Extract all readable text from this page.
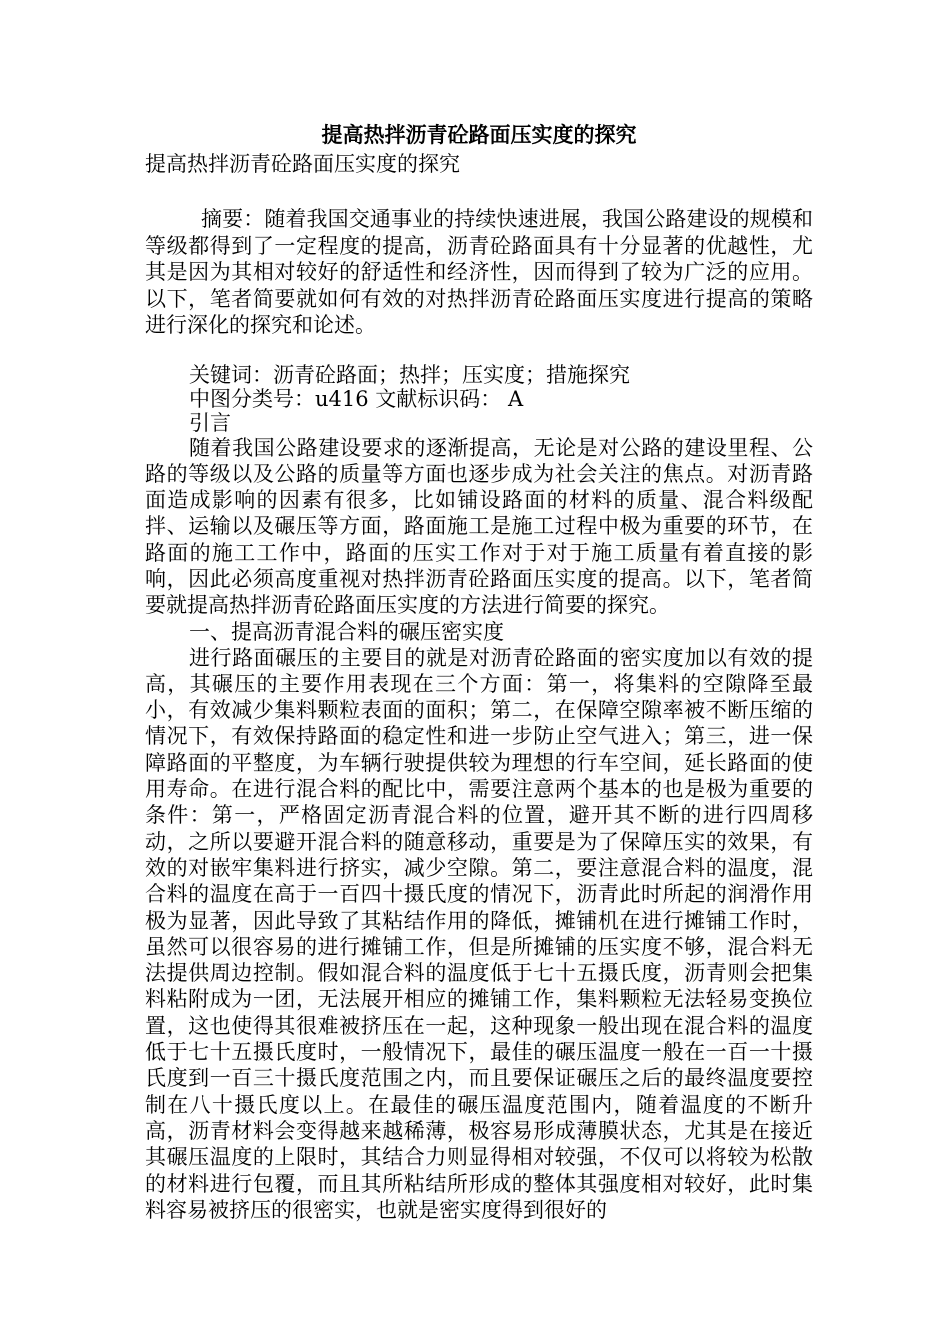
提高热拌沥青砼路面压实度的探究

提高热拌沥青砼路面压实度的探究

摘要：随着我国交通事业的持续快速进展，我国公路建设的规模和等级都得到了一定程度的提高，沥青砼路面具有十分显著的优越性，尤其是因为其相对较好的舒适性和经济性，因而得到了较为广泛的应用。以下，笔者简要就如何有效的对热拌沥青砼路面压实度进行提高的策略进行深化的探究和论述。

关键词：沥青砼路面；热拌；压实度；措施探究

中图分类号：u416 文献标识码： A

引言

随着我国公路建设要求的逐渐提高，无论是对公路的建设里程、公路的等级以及公路的质量等方面也逐步成为社会关注的焦点。对沥青路面造成影响的因素有很多，比如铺设路面的材料的质量、混合料级配拌、运输以及碾压等方面，路面施工是施工过程中极为重要的环节，在路面的施工工作中，路面的压实工作对于对于施工质量有着直接的影响，因此必须高度重视对热拌沥青砼路面压实度的提高。以下，笔者简要就提高热拌沥青砼路面压实度的方法进行简要的探究。

一、提高沥青混合料的碾压密实度

进行路面碾压的主要目的就是对沥青砼路面的密实度加以有效的提高，其碾压的主要作用表现在三个方面：第一，将集料的空隙降至最小，有效减少集料颗粒表面的面积；第二，在保障空隙率被不断压缩的情况下，有效保持路面的稳定性和进一步防止空气进入；第三，进一保障路面的平整度，为车辆行驶提供较为理想的行车空间，延长路面的使用寿命。在进行混合料的配比中，需要注意两个基本的也是极为重要的条件：第一，严格固定沥青混合料的位置，避开其不断的进行四周移动，之所以要避开混合料的随意移动，重要是为了保障压实的效果，有效的对嵌牢集料进行挤实，减少空隙。第二，要注意混合料的温度，混合料的温度在高于一百四十摄氏度的情况下，沥青此时所起的润滑作用极为显著，因此导致了其粘结作用的降低，摊铺机在进行摊铺工作时，虽然可以很容易的进行摊铺工作，但是所摊铺的压实度不够，混合料无法提供周边控制。假如混合料的温度低于七十五摄氏度，沥青则会把集料粘附成为一团，无法展开相应的摊铺工作，集料颗粒无法轻易变换位置，这也使得其很难被挤压在一起，这种现象一般出现在混合料的温度低于七十五摄氏度时，一般情况下，最佳的碾压温度一般在一百一十摄氏度到一百三十摄氏度范围之内，而且要保证碾压之后的最终温度要控制在八十摄氏度以上。在最佳的碾压温度范围内，随着温度的不断升高，沥青材料会变得越来越稀薄，极容易形成薄膜状态，尤其是在接近其碾压温度的上限时，其结合力则显得相对较强，不仅可以将较为松散的材料进行包覆，而且其所粘结所形成的整体其强度相对较好，此时集料容易被挤压的很密实，也就是密实度得到很好的
